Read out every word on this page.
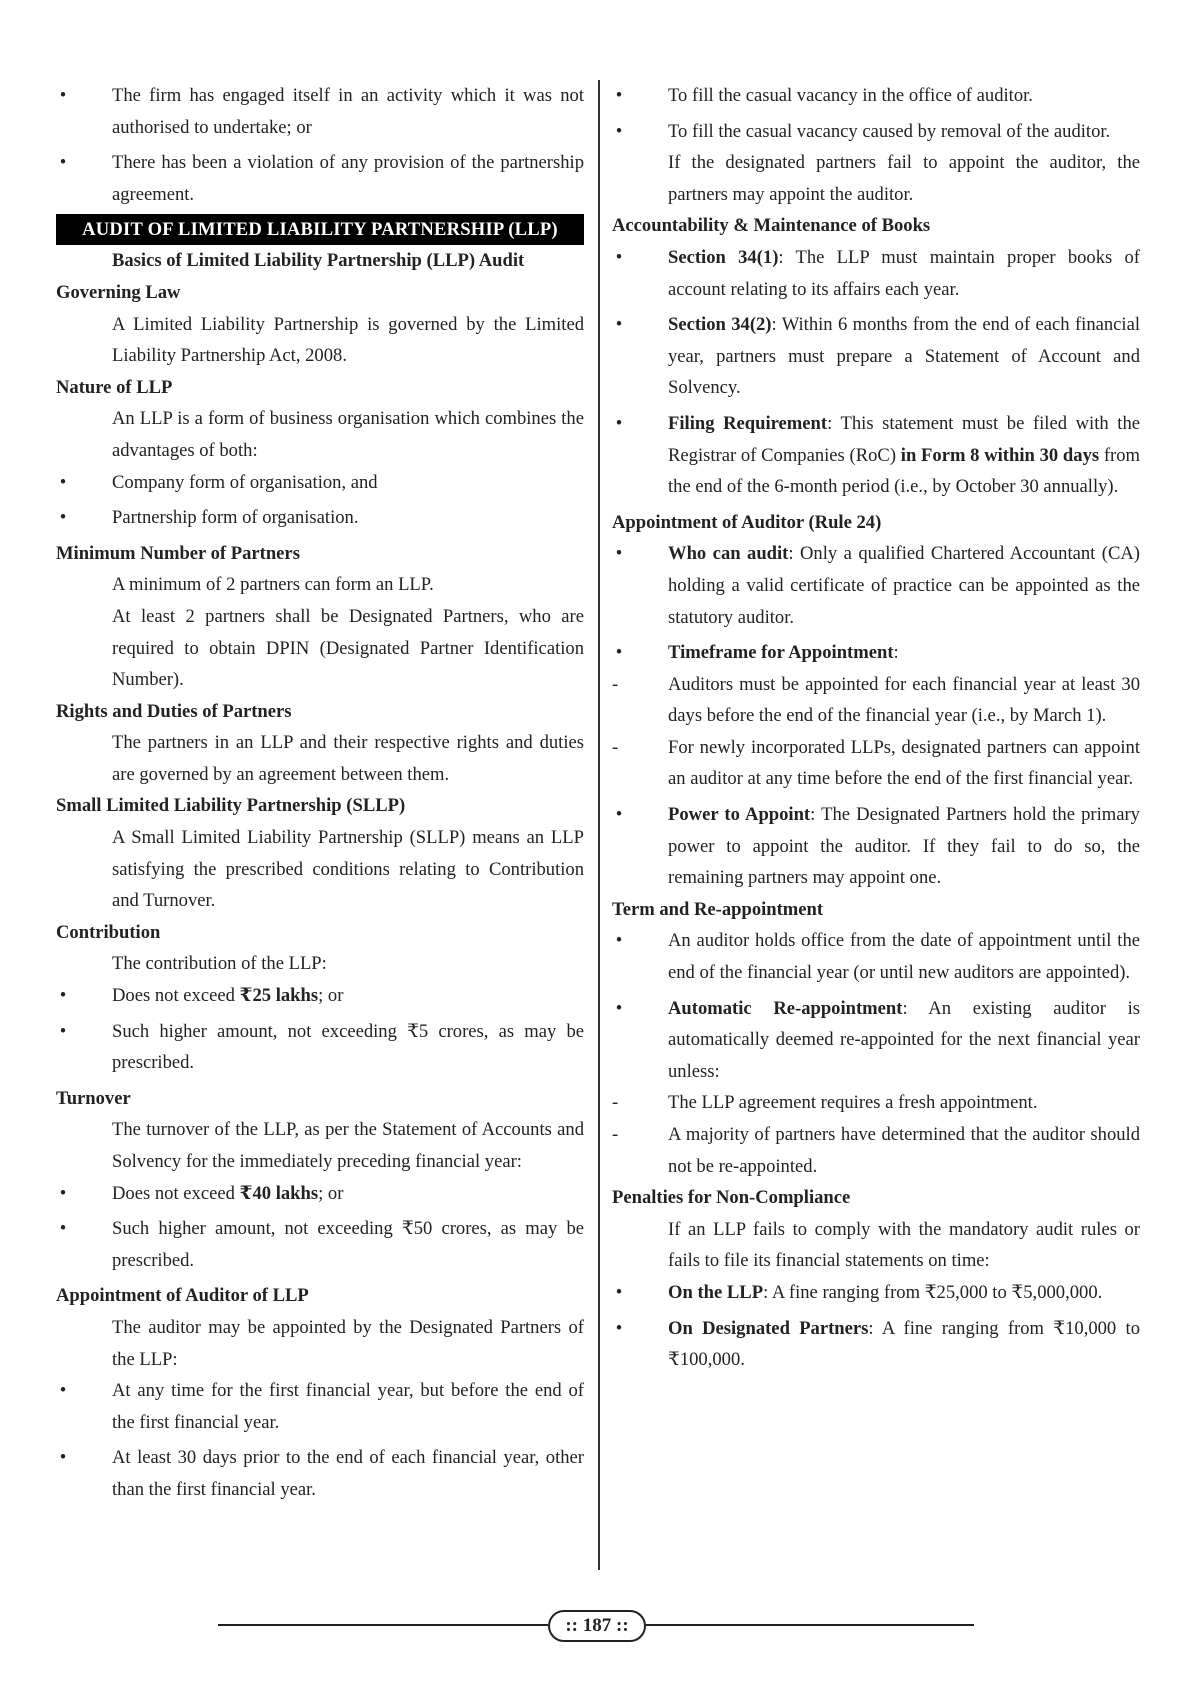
• The firm has engaged itself in an activity which it was not authorised to undertake; or
• There has been a violation of any provision of the partnership agreement.
AUDIT OF LIMITED LIABILITY PARTNERSHIP (LLP)

Basics of Limited Liability Partnership (LLP) Audit

Governing Law

A Limited Liability Partnership is governed by the Limited Liability Partnership Act, 2008.

Nature of LLP

An LLP is a form of business organisation which combines the advantages of both:

• Company form of organisation, and
• Partnership form of organisation.

Minimum Number of Partners

A minimum of 2 partners can form an LLP.

At least 2 partners shall be Designated Partners, who are required to obtain DPIN (Designated Partner Identification Number).

Rights and Duties of Partners

The partners in an LLP and their respective rights and duties are governed by an agreement between them.

Small Limited Liability Partnership (SLLP)

A Small Limited Liability Partnership (SLLP) means an LLP satisfying the prescribed conditions relating to Contribution and Turnover.

Contribution

The contribution of the LLP:

• Does not exceed ₹25 lakhs; or
• Such higher amount, not exceeding ₹5 crores, as may be prescribed.

Turnover

The turnover of the LLP, as per the Statement of Accounts and Solvency for the immediately preceding financial year:

• Does not exceed ₹40 lakhs; or
• Such higher amount, not exceeding ₹50 crores, as may be prescribed.

Appointment of Auditor of LLP

The auditor may be appointed by the Designated Partners of the LLP:

• At any time for the first financial year, but before the end of the first financial year.
• At least 30 days prior to the end of each financial year, other than the first financial year.
• To fill the casual vacancy in the office of auditor.
• To fill the casual vacancy caused by removal of the auditor.

If the designated partners fail to appoint the auditor, the partners may appoint the auditor.

Accountability & Maintenance of Books

• Section 34(1): The LLP must maintain proper books of account relating to its affairs each year.
• Section 34(2): Within 6 months from the end of each financial year, partners must prepare a Statement of Account and Solvency.
• Filing Requirement: This statement must be filed with the Registrar of Companies (RoC) in Form 8 within 30 days from the end of the 6-month period (i.e., by October 30 annually).

Appointment of Auditor (Rule 24)

• Who can audit: Only a qualified Chartered Accountant (CA) holding a valid certificate of practice can be appointed as the statutory auditor.
• Timeframe for Appointment:
-	Auditors must be appointed for each financial year at least 30 days before the end of the financial year (i.e., by March 1).
-	For newly incorporated LLPs, designated partners can appoint an auditor at any time before the end of the first financial year.
• Power to Appoint: The Designated Partners hold the primary power to appoint the auditor. If they fail to do so, the remaining partners may appoint one.

Term and Re-appointment

• An auditor holds office from the date of appointment until the end of the financial year (or until new auditors are appointed).
• Automatic Re-appointment: An existing auditor is automatically deemed re-appointed for the next financial year unless:
-	The LLP agreement requires a fresh appointment.
-	A majority of partners have determined that the auditor should not be re-appointed.

Penalties for Non-Compliance

If an LLP fails to comply with the mandatory audit rules or fails to file its financial statements on time:

• On the LLP: A fine ranging from ₹25,000 to ₹5,000,000.
• On Designated Partners: A fine ranging from ₹10,000 to ₹100,000.
:: 187 ::
